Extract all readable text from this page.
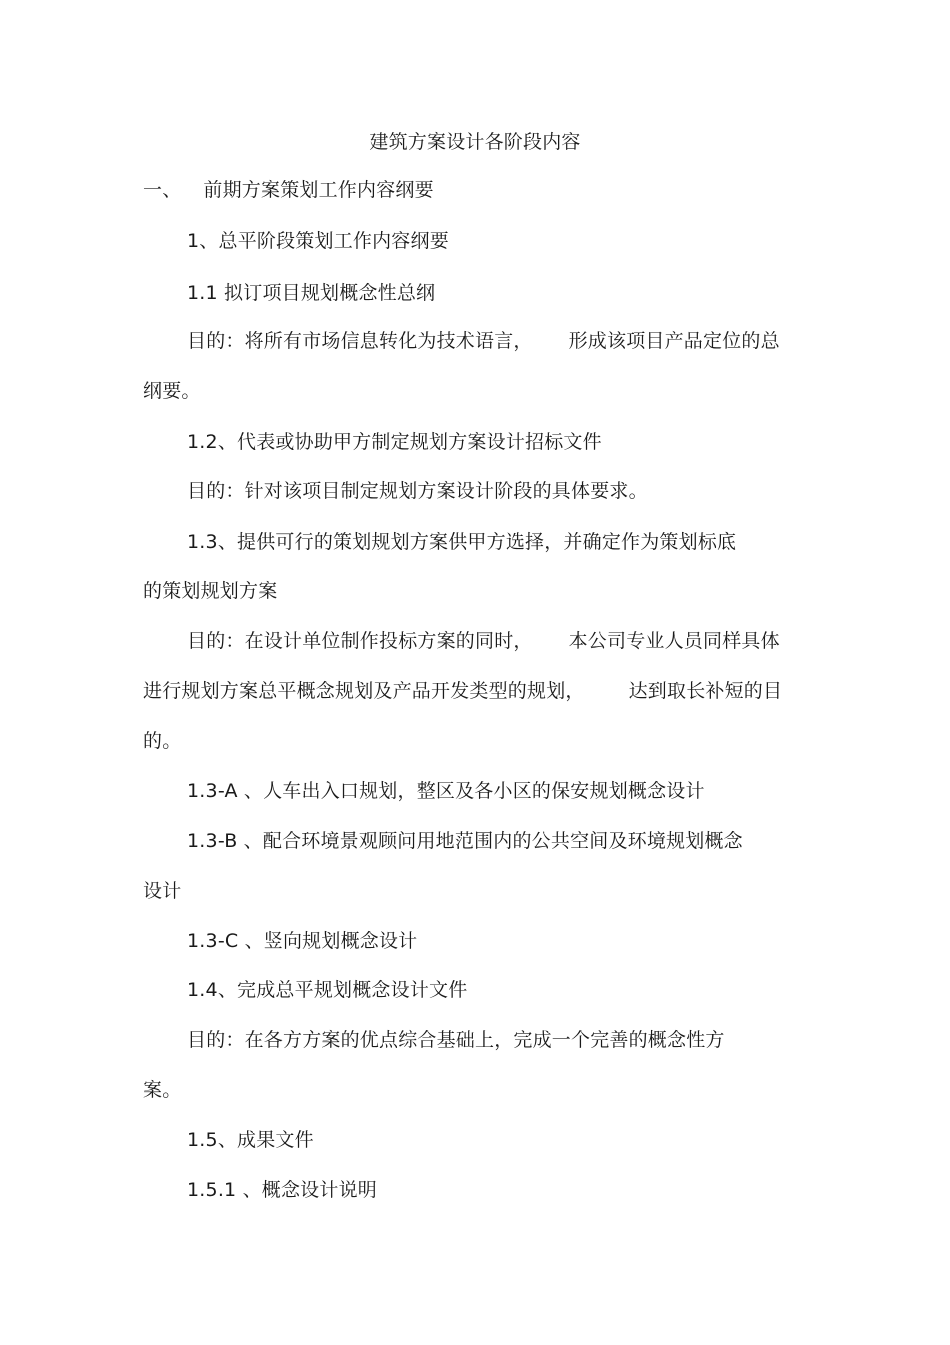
建筑方案设计各阶段内容
一、 前期方案策划工作内容纲要
1、总平阶段策划工作内容纲要
1.1 拟订项目规划概念性总纲
目的：将所有市场信息转化为技术语言， 形成该项目产品定位的总
纲要。
1.2、代表或协助甲方制定规划方案设计招标文件
目的：针对该项目制定规划方案设计阶段的具体要求。
1.3、提供可行的策划规划方案供甲方选择，并确定作为策划标底
的策划规划方案
目的：在设计单位制作投标方案的同时， 本公司专业人员同样具体
进行规划方案总平概念规划及产品开发类型的规划， 达到取长补短的目
的。
1.3-A 、人车出入口规划，整区及各小区的保安规划概念设计
1.3-B 、配合环境景观顾问用地范围内的公共空间及环境规划概念
设计
1.3-C 、竖向规划概念设计
1.4、完成总平规划概念设计文件
目的：在各方方案的优点综合基础上，完成一个完善的概念性方
案。
1.5、成果文件
1.5.1 、概念设计说明
